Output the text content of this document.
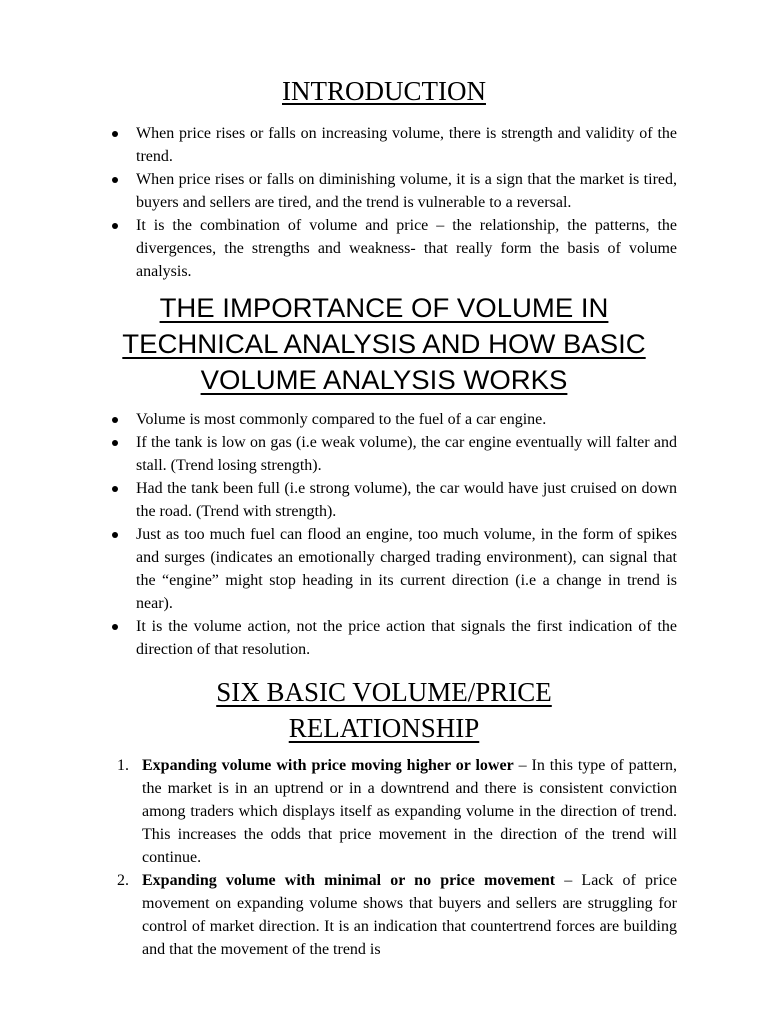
INTRODUCTION
When price rises or falls on increasing volume, there is strength and validity of the trend.
When price rises or falls on diminishing volume, it is a sign that the market is tired, buyers and sellers are tired, and the trend is vulnerable to a reversal.
It is the combination of volume and price – the relationship, the patterns, the divergences, the strengths and weakness- that really form the basis of volume analysis.
THE IMPORTANCE OF VOLUME IN
TECHNICAL ANALYSIS AND HOW BASIC
VOLUME ANALYSIS WORKS
Volume is most commonly compared to the fuel of a car engine.
If the tank is low on gas (i.e weak volume), the car engine eventually will falter and stall. (Trend losing strength).
Had the tank been full (i.e strong volume), the car would have just cruised on down the road. (Trend with strength).
Just as too much fuel can flood an engine, too much volume, in the form of spikes and surges (indicates an emotionally charged trading environment), can signal that the “engine” might stop heading in its current direction (i.e a change in trend is near).
It is the volume action, not the price action that signals the first indication of the direction of that resolution.
SIX BASIC VOLUME/PRICE
RELATIONSHIP
1. Expanding volume with price moving higher or lower – In this type of pattern, the market is in an uptrend or in a downtrend and there is consistent conviction among traders which displays itself as expanding volume in the direction of trend. This increases the odds that price movement in the direction of the trend will continue.
2. Expanding volume with minimal or no price movement – Lack of price movement on expanding volume shows that buyers and sellers are struggling for control of market direction. It is an indication that countertrend forces are building and that the movement of the trend is
